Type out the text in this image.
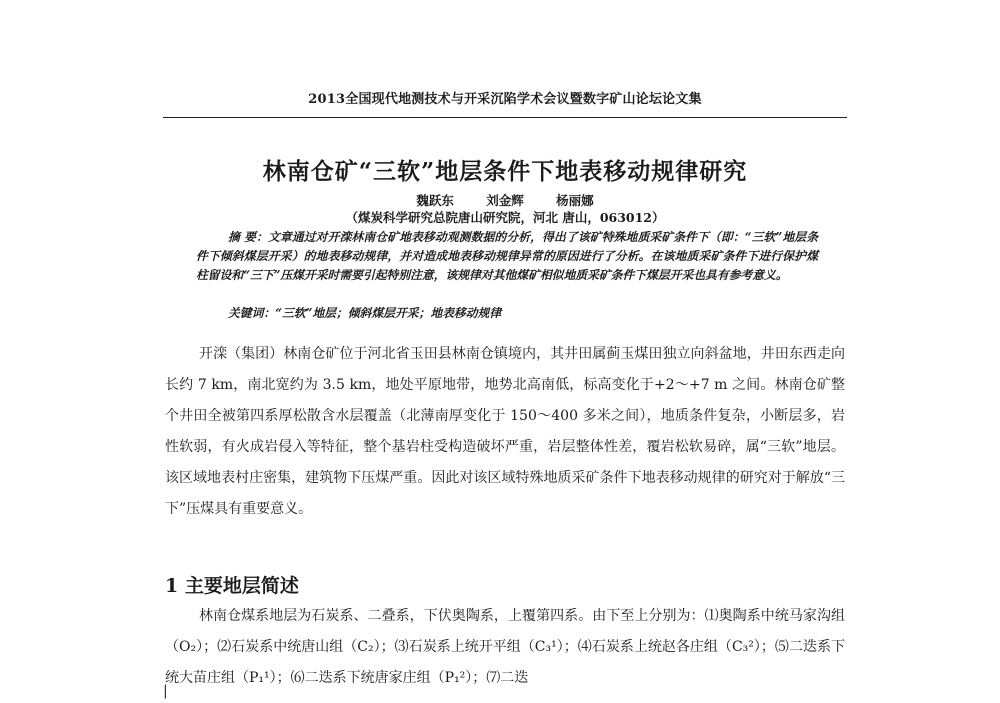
2013全国现代地测技术与开采沉陷学术会议暨数字矿山论坛论文集
林南仓矿“三软”地层条件下地表移动规律研究
魏跃东 刘金辉 杨丽娜
（煤炭科学研究总院唐山研究院，河北 唐山，063012）
摘 要：文章通过对开滦林南仓矿地表移动观测数据的分析，得出了该矿特殊地质采矿条件下（即：“三软”地层条件下倾斜煤层开采）的地表移动规律，并对造成地表移动规律异常的原因进行了分析。在该地质采矿条件下进行保护煤柱留设和“三下”压煤开采时需要引起特别注意，该规律对其他煤矿相似地质采矿条件下煤层开采也具有参考意义。
关键词：“三软”地层；倾斜煤层开采；地表移动规律
开滦（集团）林南仓矿位于河北省玉田县林南仓镇境内，其井田属蓟玉煤田独立向斜盆地，井田东西走向长约 7 km，南北宽约为 3.5 km，地处平原地带，地势北高南低，标高变化于+2～+7 m 之间。林南仓矿整个井田全被第四系厚松散含水层覆盖（北薄南厚变化于 150～400 多米之间），地质条件复杂，小断层多，岩性软弱，有火成岩侵入等特征，整个基岩柱受构造破坏严重，岩层整体性差，覆岩松软易碎，属“三软”地层。该区域地表村庄密集，建筑物下压煤严重。因此对该区域特殊地质采矿条件下地表移动规律的研究对于解放“三下”压煤具有重要意义。
1 主要地层简述
林南仓煤系地层为石炭系、二叠系，下伏奥陶系，上覆第四系。由下至上分别为：⑴奥陶系中统马家沟组（O₂）；⑵石炭系中统唐山组（C₂）；⑶石炭系上统开平组（C₃¹）；⑷石炭系上统赵各庄组（C₃²）；⑸二迭系下统大苗庄组（P₁¹）；⑹二迭系下统唐家庄组（P₁²）；⑺二迭
|
